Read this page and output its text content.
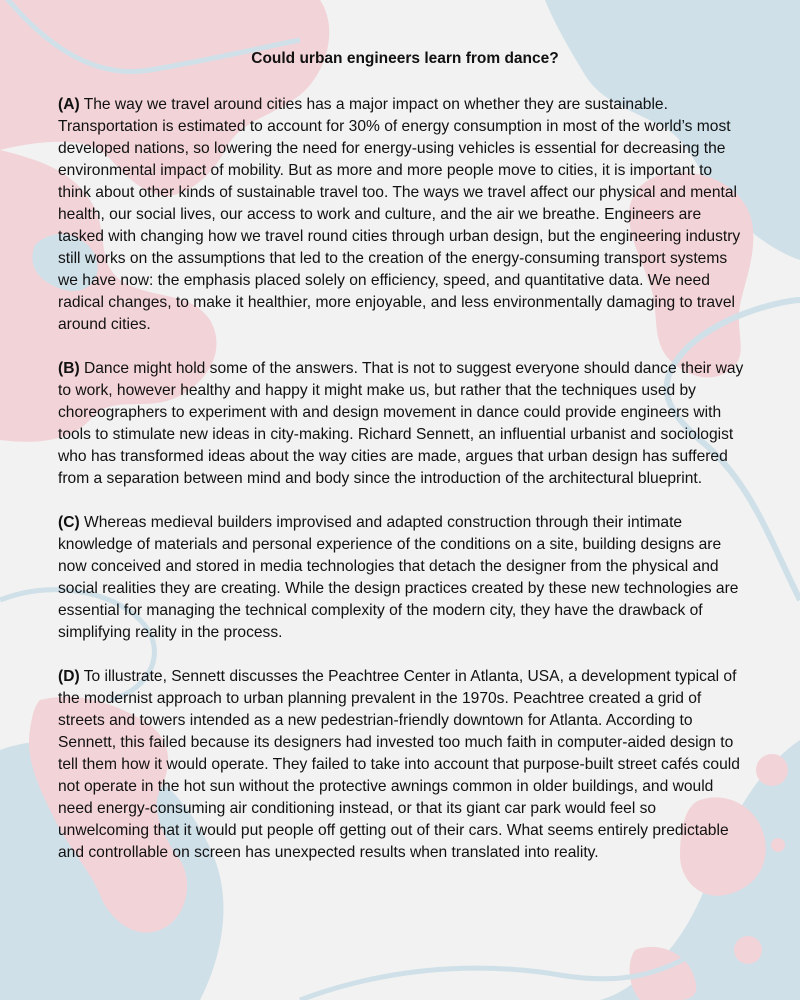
Could urban engineers learn from dance?

(A) The way we travel around cities has a major impact on whether they are sustainable. Transportation is estimated to account for 30% of energy consumption in most of the world’s most developed nations, so lowering the need for energy-using vehicles is essential for decreasing the environmental impact of mobility. But as more and more people move to cities, it is important to think about other kinds of sustainable travel too. The ways we travel affect our physical and mental health, our social lives, our access to work and culture, and the air we breathe. Engineers are tasked with changing how we travel round cities through urban design, but the engineering industry still works on the assumptions that led to the creation of the energy-consuming transport systems we have now: the emphasis placed solely on efficiency, speed, and quantitative data. We need radical changes, to make it healthier, more enjoyable, and less environmentally damaging to travel around cities.

(B) Dance might hold some of the answers. That is not to suggest everyone should dance their way to work, however healthy and happy it might make us, but rather that the techniques used by choreographers to experiment with and design movement in dance could provide engineers with tools to stimulate new ideas in city-making. Richard Sennett, an influential urbanist and sociologist who has transformed ideas about the way cities are made, argues that urban design has suffered from a separation between mind and body since the introduction of the architectural blueprint.

(C) Whereas medieval builders improvised and adapted construction through their intimate knowledge of materials and personal experience of the conditions on a site, building designs are now conceived and stored in media technologies that detach the designer from the physical and social realities they are creating. While the design practices created by these new technologies are essential for managing the technical complexity of the modern city, they have the drawback of simplifying reality in the process.

(D) To illustrate, Sennett discusses the Peachtree Center in Atlanta, USA, a development typical of the modernist approach to urban planning prevalent in the 1970s. Peachtree created a grid of streets and towers intended as a new pedestrian-friendly downtown for Atlanta. According to Sennett, this failed because its designers had invested too much faith in computer-aided design to tell them how it would operate. They failed to take into account that purpose-built street cafés could not operate in the hot sun without the protective awnings common in older buildings, and would need energy-consuming air conditioning instead, or that its giant car park would feel so unwelcoming that it would put people off getting out of their cars. What seems entirely predictable and controllable on screen has unexpected results when translated into reality.
